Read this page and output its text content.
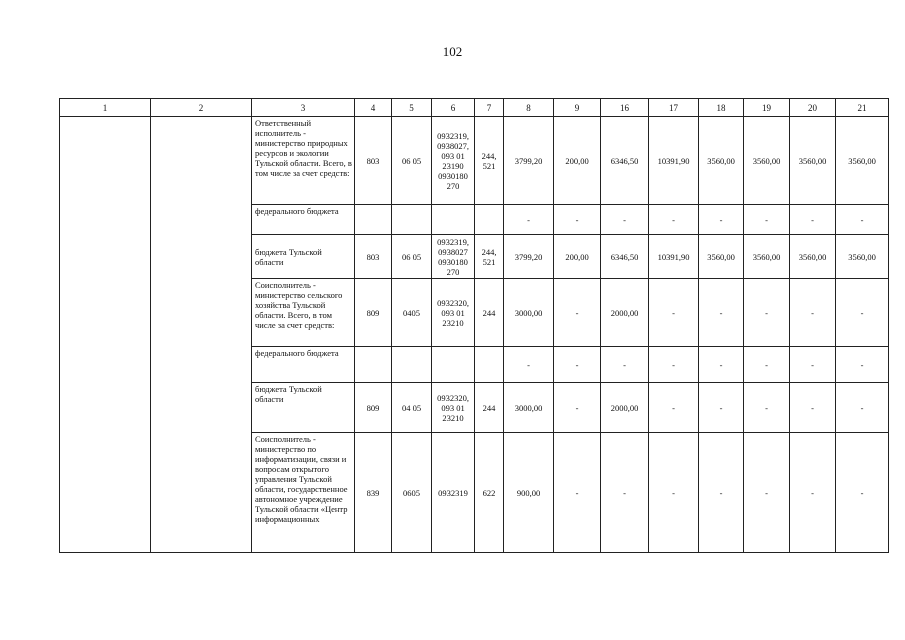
102
1	2	3	4	5	6	7	8	9	16	17	18	19	20	21
		Ответственный исполнитель - министерство природных ресурсов и экологии Тульской области. Всего, в том числе за счет средств:	803	06 05	0932319, 0938027, 093 01 23190 0930180 270	244, 521	3799,20	200,00	6346,50	10391,90	3560,00	3560,00	3560,00	3560,00
		федерального бюджета					-	-	-	-	-	-	-	-
		бюджета Тульской области	803	06 05	0932319, 0938027 0930180 270	244, 521	3799,20	200,00	6346,50	10391,90	3560,00	3560,00	3560,00	3560,00
		Соисполнитель - министерство сельского хозяйства Тульской области. Всего, в том числе за счет средств:	809	0405	0932320, 093 01 23210	244	3000,00	-	2000,00	-	-	-	-	-
		федерального бюджета					-	-	-	-	-	-	-	-
		бюджета Тульской области	809	04 05	0932320, 093 01 23210	244	3000,00	-	2000,00	-	-	-	-	-
		Соисполнитель - министерство по информатизации, связи и вопросам открытого управления Тульской области, государственное автономное учреждение Тульской области «Центр информационных	839	0605	0932319	622	900,00	-	-	-	-	-	-	-
